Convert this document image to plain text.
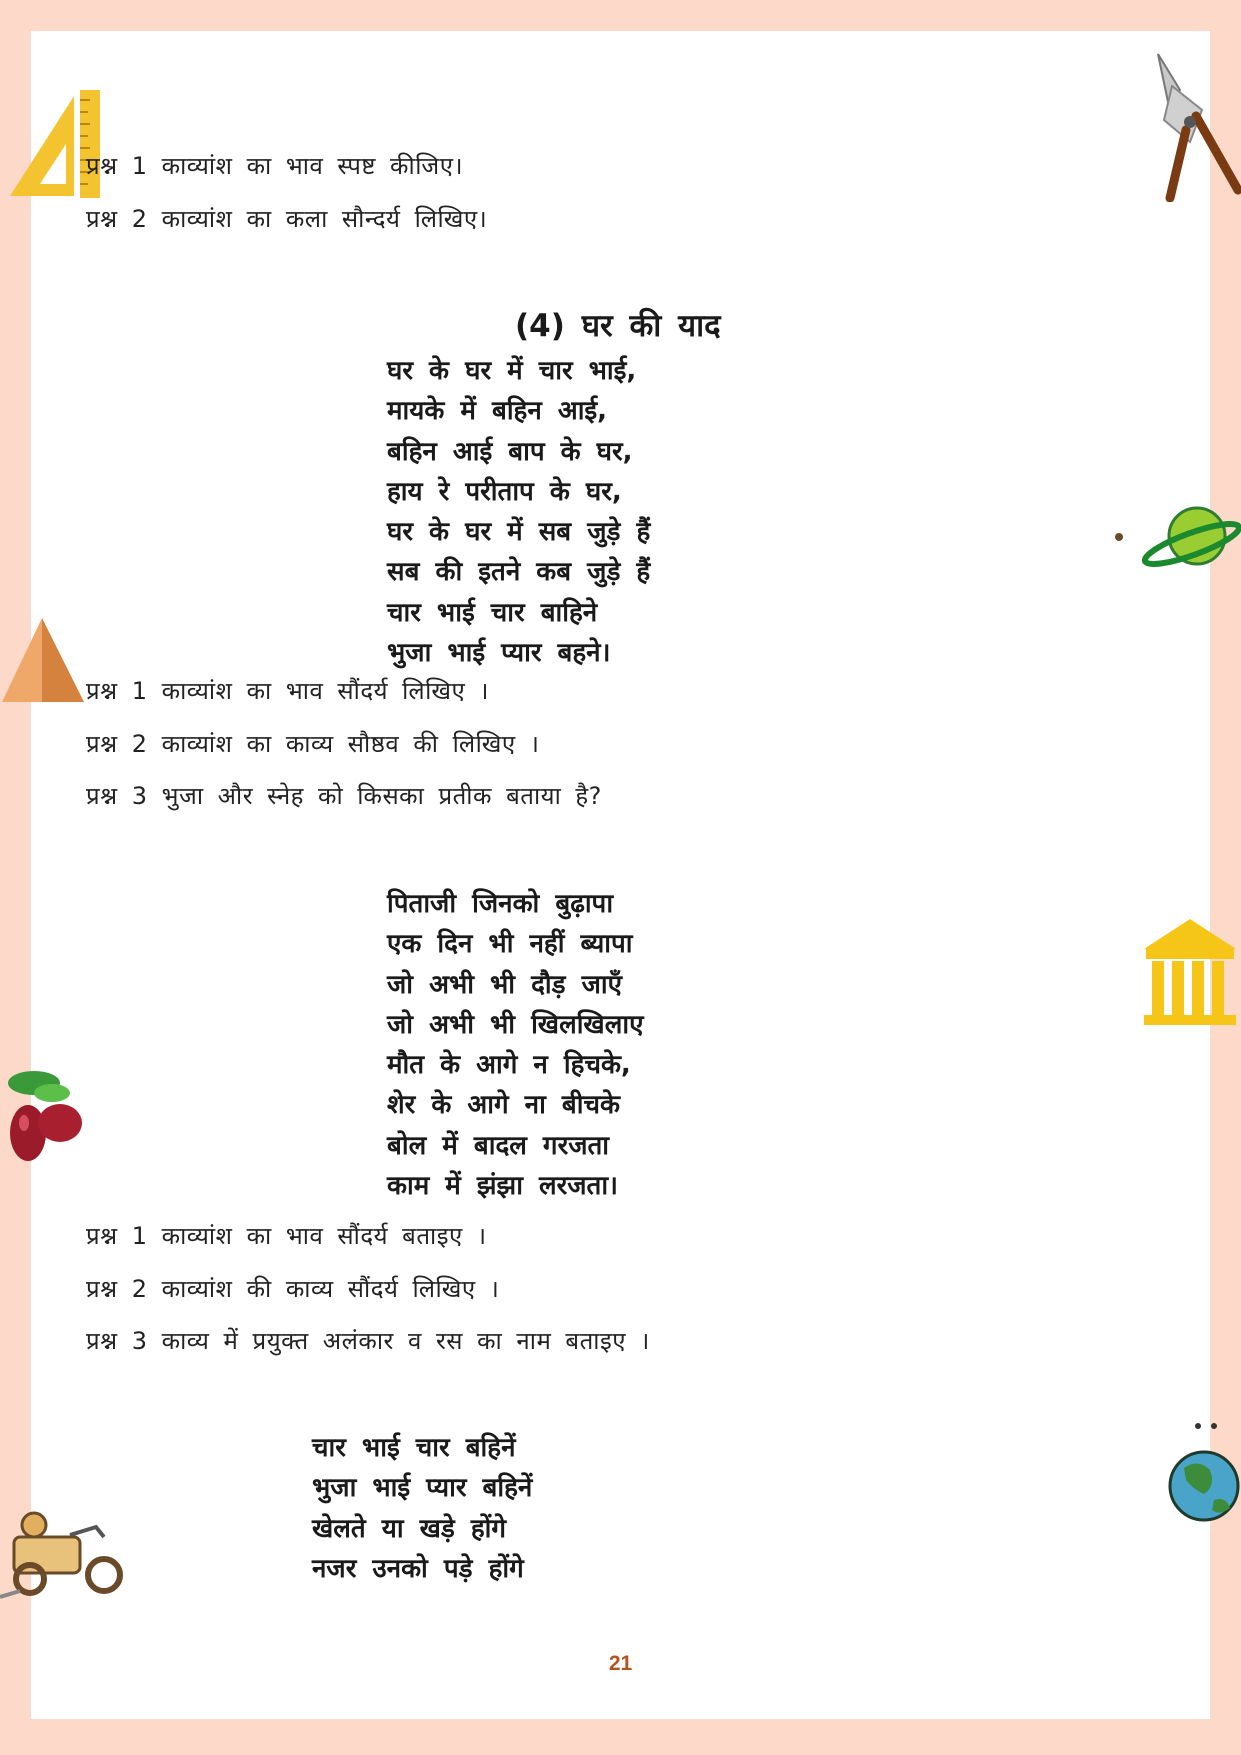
प्रश्न 1 काव्यांश का भाव स्पष्ट कीजिए।
प्रश्न 2 काव्यांश का कला सौन्दर्य लिखिए।
(4) घर की याद
घर के घर में चार भाई,
मायके में बहिन आई,
बहिन आई बाप के घर,
हाय रे परीताप के घर,
घर के घर में सब जुड़े हैं
सब की इतने कब जुड़े हैं
चार भाई चार बाहिने
भुजा भाई प्यार बहने।
प्रश्न 1 काव्यांश का भाव सौंदर्य लिखिए ।
प्रश्न 2 काव्यांश का काव्य सौष्ठव की लिखिए ।
प्रश्न 3 भुजा और स्नेह को किसका प्रतीक बताया है?
पिताजी जिनको बुढ़ापा
एक दिन भी नहीं ब्यापा
जो अभी भी दौड़ जाएँ
जो अभी भी खिलखिलाए
मौत के आगे न हिचके,
शेर के आगे ना बीचके
बोल में बादल गरजता
काम में झंझा लरजता।
प्रश्न 1 काव्यांश का भाव सौंदर्य बताइए ।
प्रश्न 2 काव्यांश की काव्य सौंदर्य लिखिए ।
प्रश्न 3 काव्य में प्रयुक्त अलंकार व रस का नाम बताइए ।
चार भाई चार बहिनें
भुजा भाई प्यार बहिनें
खेलते या खड़े होंगे
नजर उनको पड़े होंगे
21
